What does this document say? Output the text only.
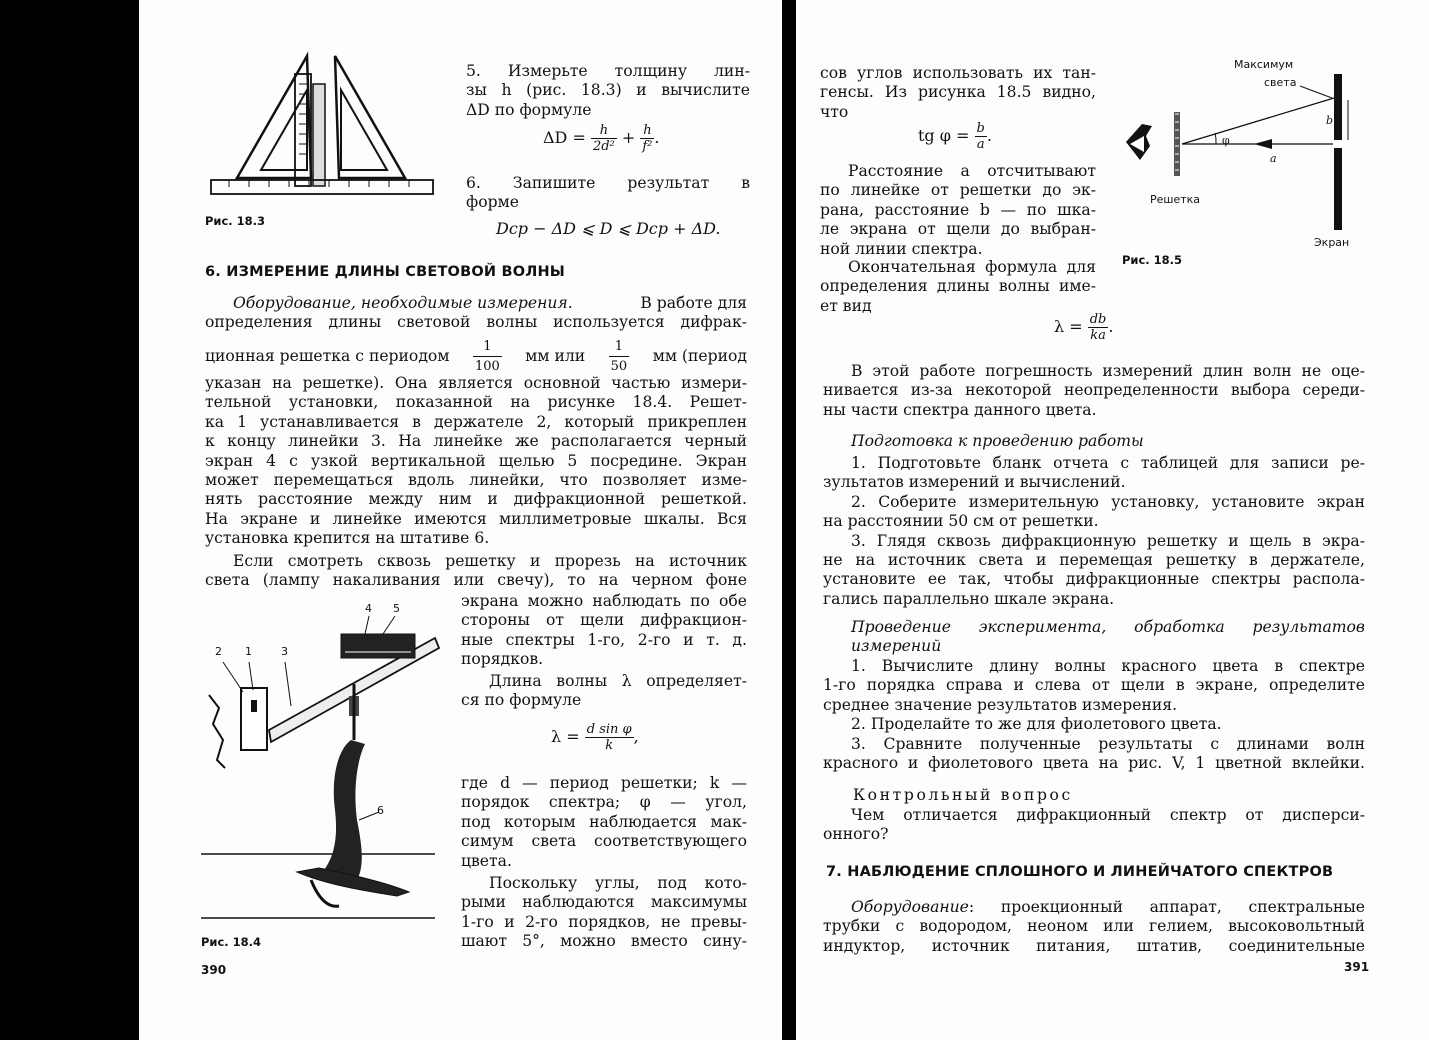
Рис. 18.3
5. Измерьте толщину лин-
зы h (рис. 18.3) и вычислите
ΔD по формуле
$\Delta D = \frac{h}{\text{2d²}} + \frac{h}{\text{f²}}$ .
6. Запишите результат в
форме
Dср − ΔD ⩽ D ⩽ Dср + ΔD.
6. ИЗМЕРЕНИЕ ДЛИНЫ СВЕТОВОЙ ВОЛНЫ
Оборудование, необходимые измерения.	В работе для
определения длины световой волны используется дифрак-
ционная решетка с периодом $\frac{1}{100}$ мм или $\frac{1}{50}$ мм (период
указан на решетке). Она является основной частью измери-
тельной установки, показанной на рисунке 18.4. Решет-
ка 1 устанавливается в держателе 2, который прикреплен
к концу линейки 3. На линейке же располагается черный
экран 4 с узкой вертикальной щелью 5 посредине. Экран
может перемещаться вдоль линейки, что позволяет изме-
нять расстояние между ним и дифракционной решеткой.
На экране и линейке имеются миллиметровые шкалы. Вся
установка крепится на штативе 6.
Если смотреть сквозь решетку и прорезь на источник
света (лампу накаливания или свечу), то на черном фоне
экрана можно наблюдать по обе
стороны от щели дифракцион-
ные спектры 1-го, 2-го и т. д.
порядков.
Длина волны λ определяет-
ся по формуле
$\lambda = \frac{\text{d sin φ}}{k}$ ,
где d — период решетки; k —
порядок спектра; φ — угол,
под которым наблюдается мак-
симум света соответствующего
цвета.
Поскольку углы, под кото-
рыми наблюдаются максимумы
1-го и 2-го порядков, не превы-
шают 5°, можно вместо сину-
2 1	3
4 5
6
Рис. 18.4
390
сов углов использовать их тан-
генсы. Из рисунка 18.5 видно,
что
tg $\varphi = \frac{b}{a}$ .
Расстояние a отсчитывают
по линейке от решетки до эк-
рана, расстояние b — по шка-
ле экрана от щели до выбран-
ной линии спектра.
Окончательная формула для
определения длины волны име-
ет вид
$\lambda = \frac{db}{ka}$ .
Максимум
света
b
φ
a
Решетка
Экран
Рис. 18.5
В этой работе погрешность измерений длин волн не оце-
нивается из-за некоторой неопределенности выбора середи-
ны части спектра данного цвета.
Подготовка к проведению работы
1. Подготовьте бланк отчета с таблицей для записи ре-
зультатов измерений и вычислений.
2. Соберите измерительную установку, установите экран
на расстоянии 50 см от решетки.
3. Глядя сквозь дифракционную решетку и щель в экра-
не на источник света и перемещая решетку в держателе,
установите ее так, чтобы дифракционные спектры распола-
гались параллельно шкале экрана.
Проведение эксперимента, обработка результатов
измерений
1. Вычислите длину волны красного цвета в спектре
1-го порядка справа и слева от щели в экране, определите
среднее значение результатов измерения.
2. Проделайте то же для фиолетового цвета.
3. Сравните полученные результаты с длинами волн
красного и фиолетового цвета на рис. V, 1 цветной вклейки.
Контрольный вопрос
Чем отличается дифракционный спектр от дисперси-
онного?
7. НАБЛЮДЕНИЕ СПЛОШНОГО И ЛИНЕЙЧАТОГО СПЕКТРОВ
Оборудование : проекционный аппарат, спектральные
трубки с водородом, неоном или гелием, высоковольтный
индуктор, источник питания, штатив, соединительные
391
